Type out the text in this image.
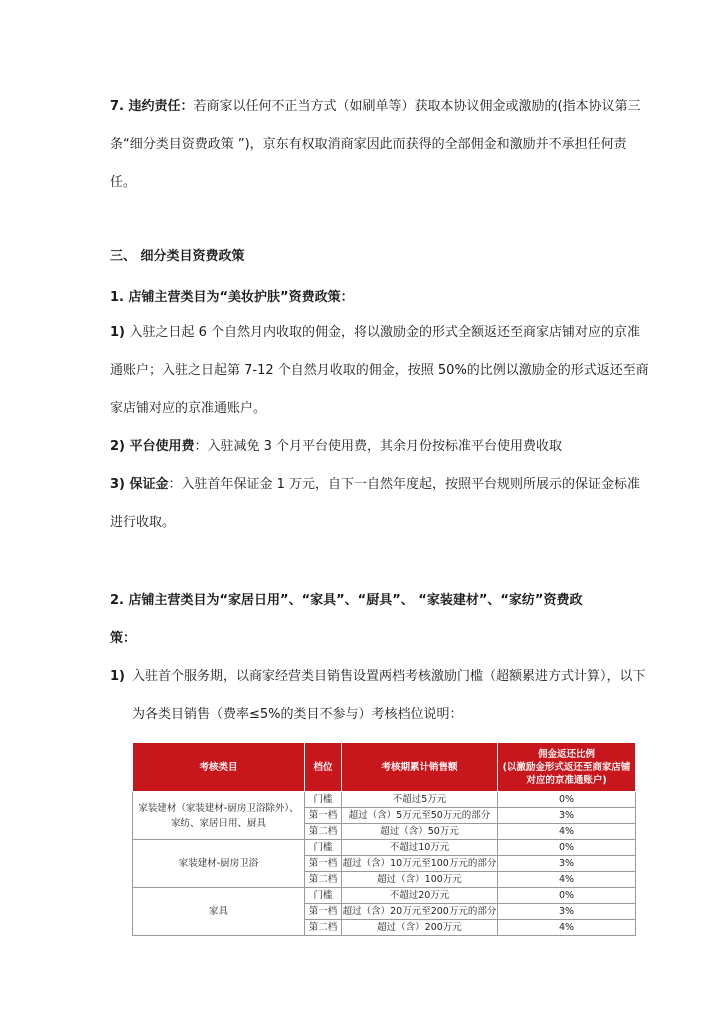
7. 违约责任：若商家以任何不正当方式（如刷单等）获取本协议佣金或激励的(指本协议第三
条“细分类目资费政策 ”)，京东有权取消商家因此而获得的全部佣金和激励并不承担任何责
任。
三、 细分类目资费政策
1. 店铺主营类目为“美妆护肤”资费政策：
1) 入驻之日起 6 个自然月内收取的佣金，将以激励金的形式全额返还至商家店铺对应的京准
通账户；入驻之日起第 7-12 个自然月收取的佣金，按照 50%的比例以激励金的形式返还至商
家店铺对应的京准通账户。
2) 平台使用费：入驻减免 3 个月平台使用费，其余月份按标准平台使用费收取
3) 保证金：入驻首年保证金 1 万元，自下一自然年度起，按照平台规则所展示的保证金标准
进行收取。
2. 店铺主营类目为“家居日用”、“家具”、“厨具”、 “家装建材”、“家纺”资费政
策：
1) 入驻首个服务期，以商家经营类目销售设置两档考核激励门槛（超额累进方式计算），以下
为各类目销售（费率≤5%的类目不参与）考核档位说明：
考核类目	档位	考核期累计销售额	佣金返还比例
(以激励金形式返还至商家店铺
对应的京准通账户)

家装建材（家装建材-厨房卫浴除外）、
家纺、家居日用、厨具	门槛	不超过5万元	0%
	第一档	超过（含）5万元至50万元的部分	3%
	第二档	超过（含）50万元	4%

家装建材-厨房卫浴	门槛	不超过10万元	0%
	第一档	超过（含）10万元至100万元的部分	3%
	第二档	超过（含）100万元	4%

家具	门槛	不超过20万元	0%
	第一档	超过（含）20万元至200万元的部分	3%
	第二档	超过（含）200万元	4%
